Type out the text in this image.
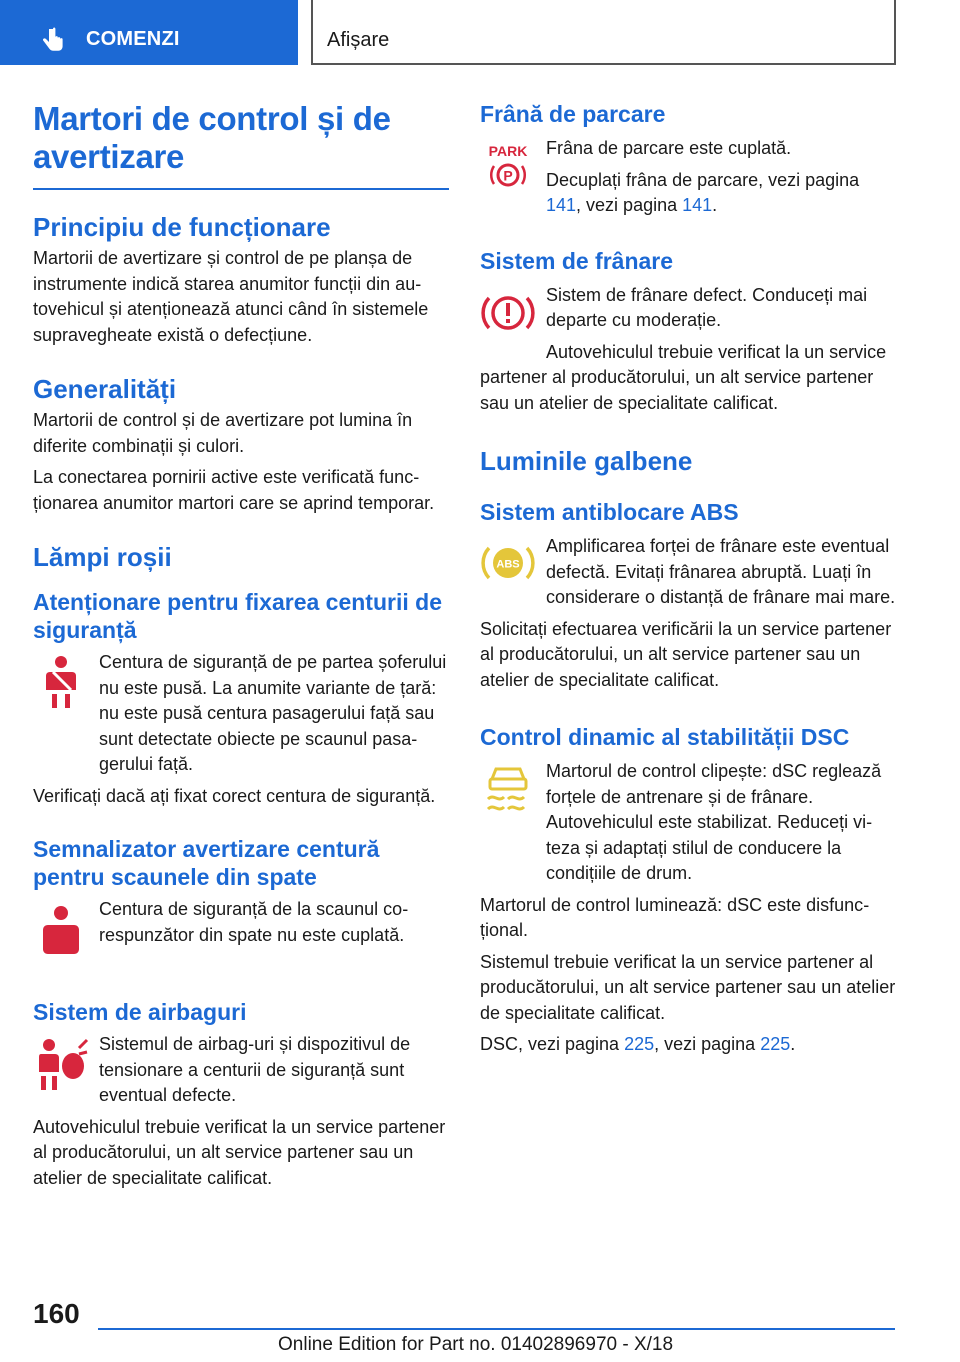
COMENZI	Afișare
Martori de control și de avertizare
Principiu de funcționare
Martorii de avertizare și control de pe planșa de instrumente indică starea anumitor funcții din autovehicul și atenționează atunci când în sistemele supravegheate există o defecțiune.
Generalități
Martorii de control și de avertizare pot lumina în diferite combinații și culori.
La conectarea pornirii active este verificată funcționarea anumitor martori care se aprind temporar.
Lămpi roșii
Atenționare pentru fixarea centurii de siguranță
Centura de siguranță de pe partea șoferului nu este pusă. La anumite variante de țară: nu este pusă centura pasagerului față sau sunt detectate obiecte pe scaunul pasagerului față.
Verificați dacă ați fixat corect centura de siguranță.
Semnalizator avertizare centură pentru scaunele din spate
Centura de siguranță de la scaunul corespunzător din spate nu este cuplată.
Sistem de airbaguri
Sistemul de airbag-uri și dispozitivul de tensionare a centurii de siguranță sunt eventual defecte.
Autovehiculul trebuie verificat la un service partener al producătorului, un alt service partener sau un atelier de specialitate calificat.
Frână de parcare
PARK
P
Frâna de parcare este cuplată.
Decuplați frâna de parcare, vezi pagina 141, vezi pagina 141.
Sistem de frânare
Sistem de frânare defect. Conduceți mai departe cu moderație.
Autovehiculul trebuie verificat la un service partener al producătorului, un alt service partener sau un atelier de specialitate calificat.
Luminile galbene
Sistem antiblocare ABS
ABS
Amplificarea forței de frânare este eventual defectă. Evitați frânarea abruptă. Luați în considerare o distanță de frânare mai mare.
Solicitați efectuarea verificării la un service partener al producătorului, un alt service partener sau un atelier de specialitate calificat.
Control dinamic al stabilității DSC
Martorul de control clipește: dSC reglează forțele de antrenare și de frânare. Autovehiculul este stabilizat. Reduceți viteza și adaptați stilul de conducere la condițiile de drum.
Martorul de control luminează: dSC este disfuncțional.
Sistemul trebuie verificat la un service partener al producătorului, un alt service partener sau un atelier de specialitate calificat.
DSC, vezi pagina 225, vezi pagina 225.
160
Online Edition for Part no. 01402896970 - X/18
